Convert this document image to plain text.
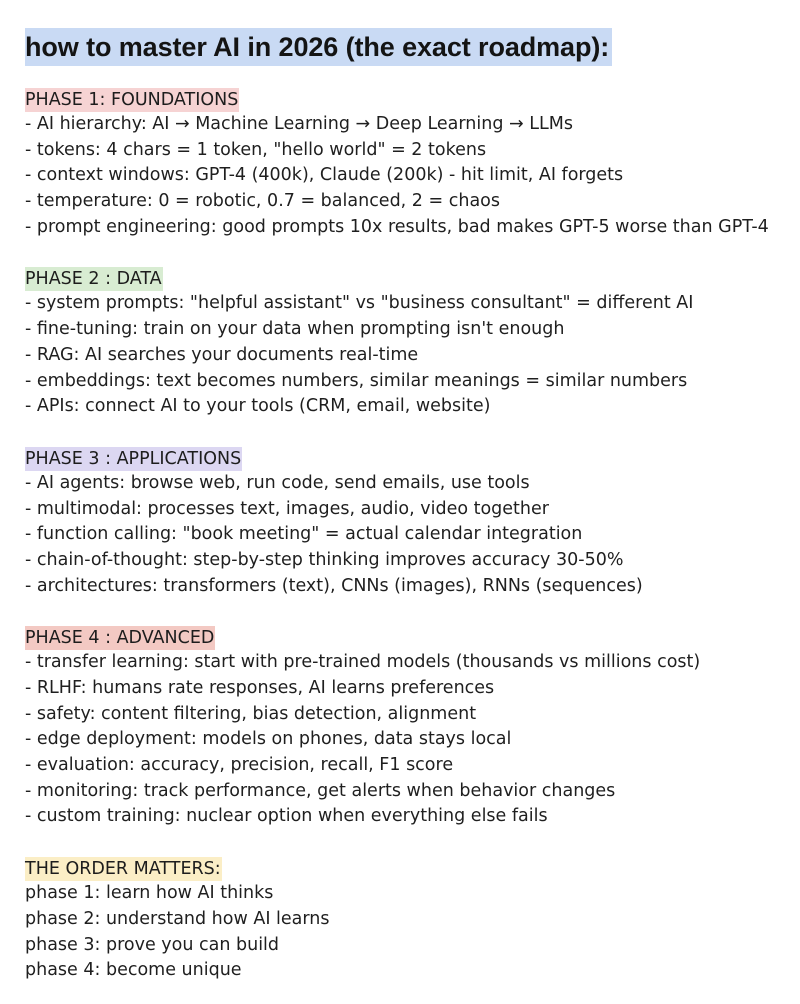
how to master AI in 2026 (the exact roadmap):
PHASE 1: FOUNDATIONS
- AI hierarchy: AI → Machine Learning → Deep Learning → LLMs
- tokens: 4 chars = 1 token, "hello world" = 2 tokens
- context windows: GPT-4 (400k), Claude (200k) - hit limit, AI forgets
- temperature: 0 = robotic, 0.7 = balanced, 2 = chaos
- prompt engineering: good prompts 10x results, bad makes GPT-5 worse than GPT-4
PHASE 2 : DATA
- system prompts: "helpful assistant" vs "business consultant" = different AI
- fine-tuning: train on your data when prompting isn't enough
- RAG: AI searches your documents real-time
- embeddings: text becomes numbers, similar meanings = similar numbers
- APIs: connect AI to your tools (CRM, email, website)
PHASE 3 : APPLICATIONS
- AI agents: browse web, run code, send emails, use tools
- multimodal: processes text, images, audio, video together
- function calling: "book meeting" = actual calendar integration
- chain-of-thought: step-by-step thinking improves accuracy 30-50%
- architectures: transformers (text), CNNs (images), RNNs (sequences)
PHASE 4 : ADVANCED
- transfer learning: start with pre-trained models (thousands vs millions cost)
- RLHF: humans rate responses, AI learns preferences
- safety: content filtering, bias detection, alignment
- edge deployment: models on phones, data stays local
- evaluation: accuracy, precision, recall, F1 score
- monitoring: track performance, get alerts when behavior changes
- custom training: nuclear option when everything else fails
THE ORDER MATTERS:
phase 1: learn how AI thinks
phase 2: understand how AI learns
phase 3: prove you can build
phase 4: become unique
